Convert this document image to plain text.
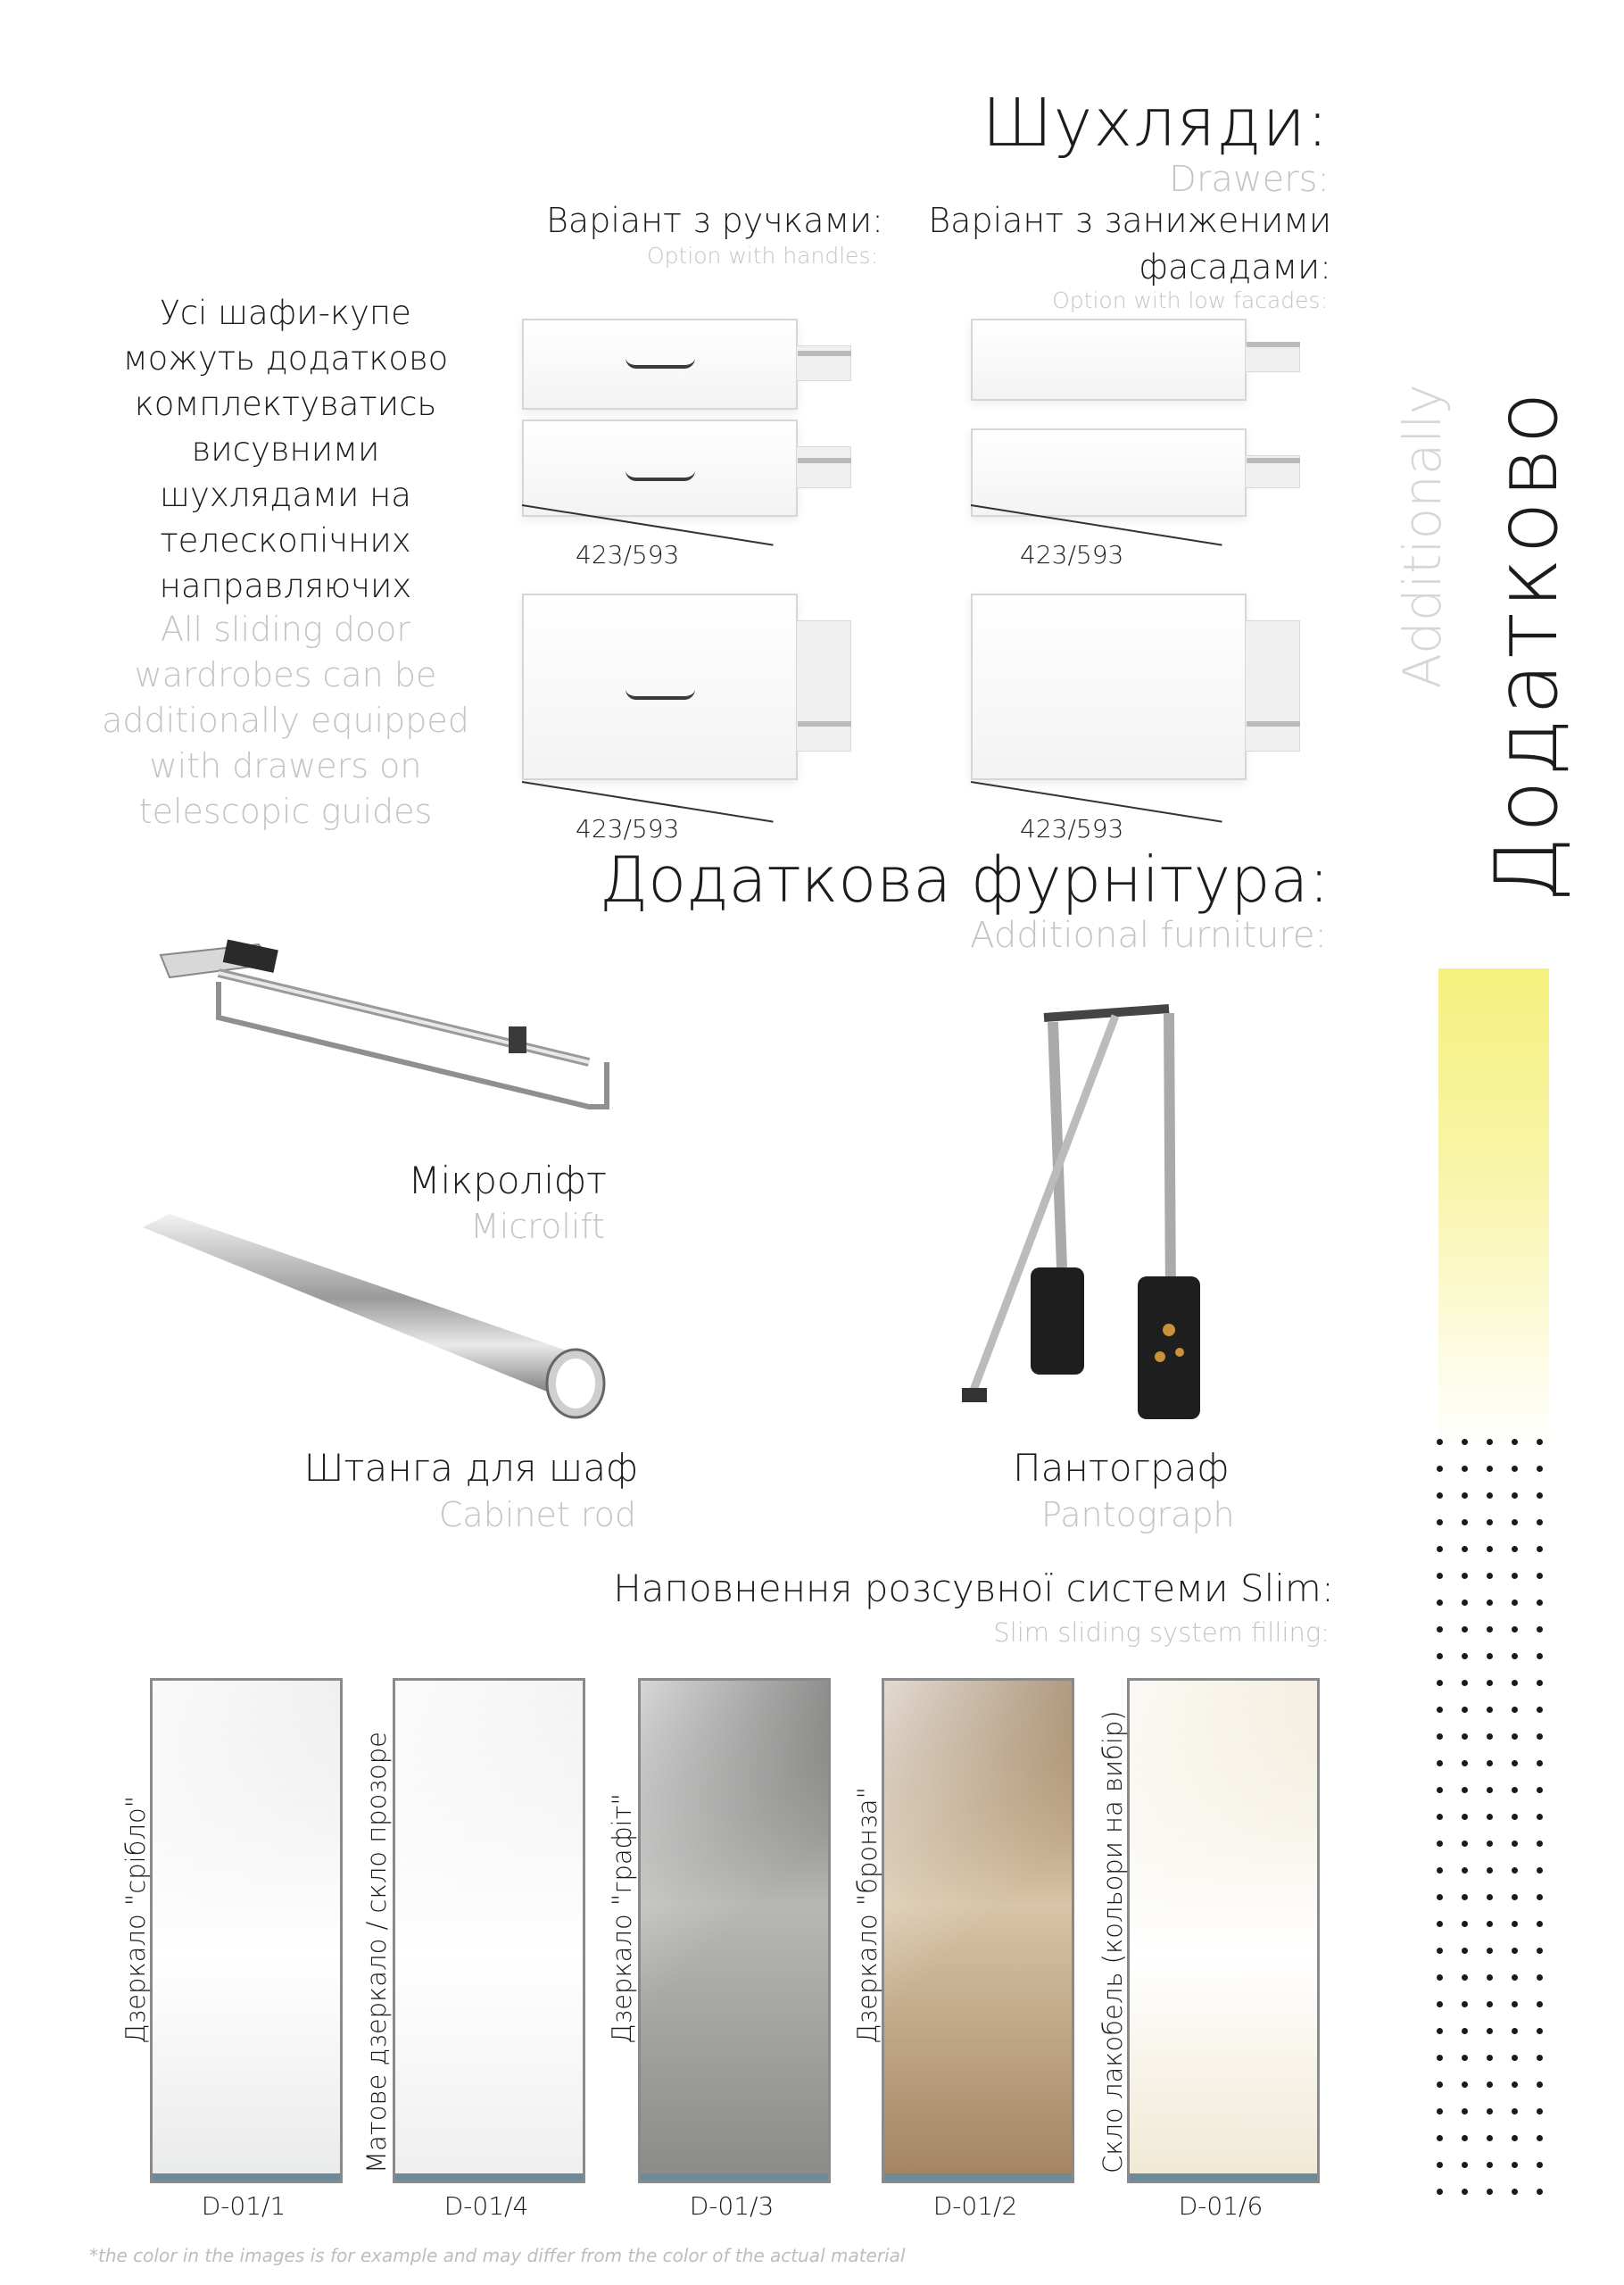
Шухляди:
Drawers:
Варіант з ручками:
Option with handles:
Варіант з заниженими
фасадами:
Option with low facades:
Усі шафи-купе можуть додатково комплектуватись висувними шухлядами на телескопічних направляючих
All sliding door wardrobes can be additionally equipped with drawers on telescopic guides
423/593	423/593
423/593	423/593	Додатково
Additionally
Додаткова фурнітура:
Additional furniture:
Мікроліфт
Microlift
Штанга для шаф
Cabinet rod
Пантограф
Pantograph
Наповнення розсувної системи Slim:
Slim sliding system filling:
Дзеркало "срібло"	Матове дзеркало / скло прозоре	Дзеркало "графіт"	Дзеркало "бронза"	Скло лакобель (кольори на вибір)
D-01/1	D-01/4	D-01/3	D-01/2	D-01/6
*the color in the images is for example and may differ from the color of the actual material
